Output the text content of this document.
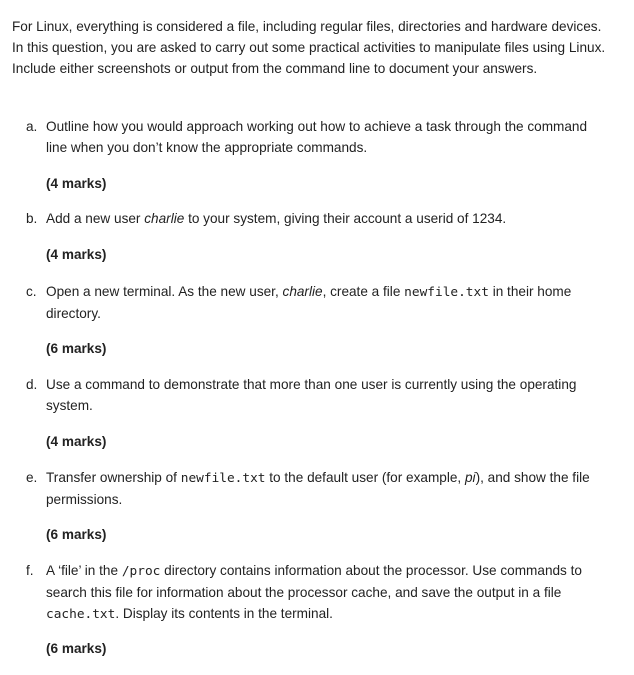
For Linux, everything is considered a file, including regular files, directories and hardware devices. In this question, you are asked to carry out some practical activities to manipulate files using Linux. Include either screenshots or output from the command line to document your answers.

a. Outline how you would approach working out how to achieve a task through the command line when you don’t know the appropriate commands.

(4 marks)
b. Add a new user charlie to your system, giving their account a userid of 1234.

(4 marks)
c. Open a new terminal. As the new user, charlie, create a file newfile.txt in their home directory.

(6 marks)
d. Use a command to demonstrate that more than one user is currently using the operating system.

(4 marks)
e. Transfer ownership of newfile.txt to the default user (for example, pi), and show the file permissions.

(6 marks)
f. A ‘file’ in the /proc directory contains information about the processor. Use commands to search this file for information about the processor cache, and save the output in a file cache.txt. Display its contents in the terminal.

(6 marks)
